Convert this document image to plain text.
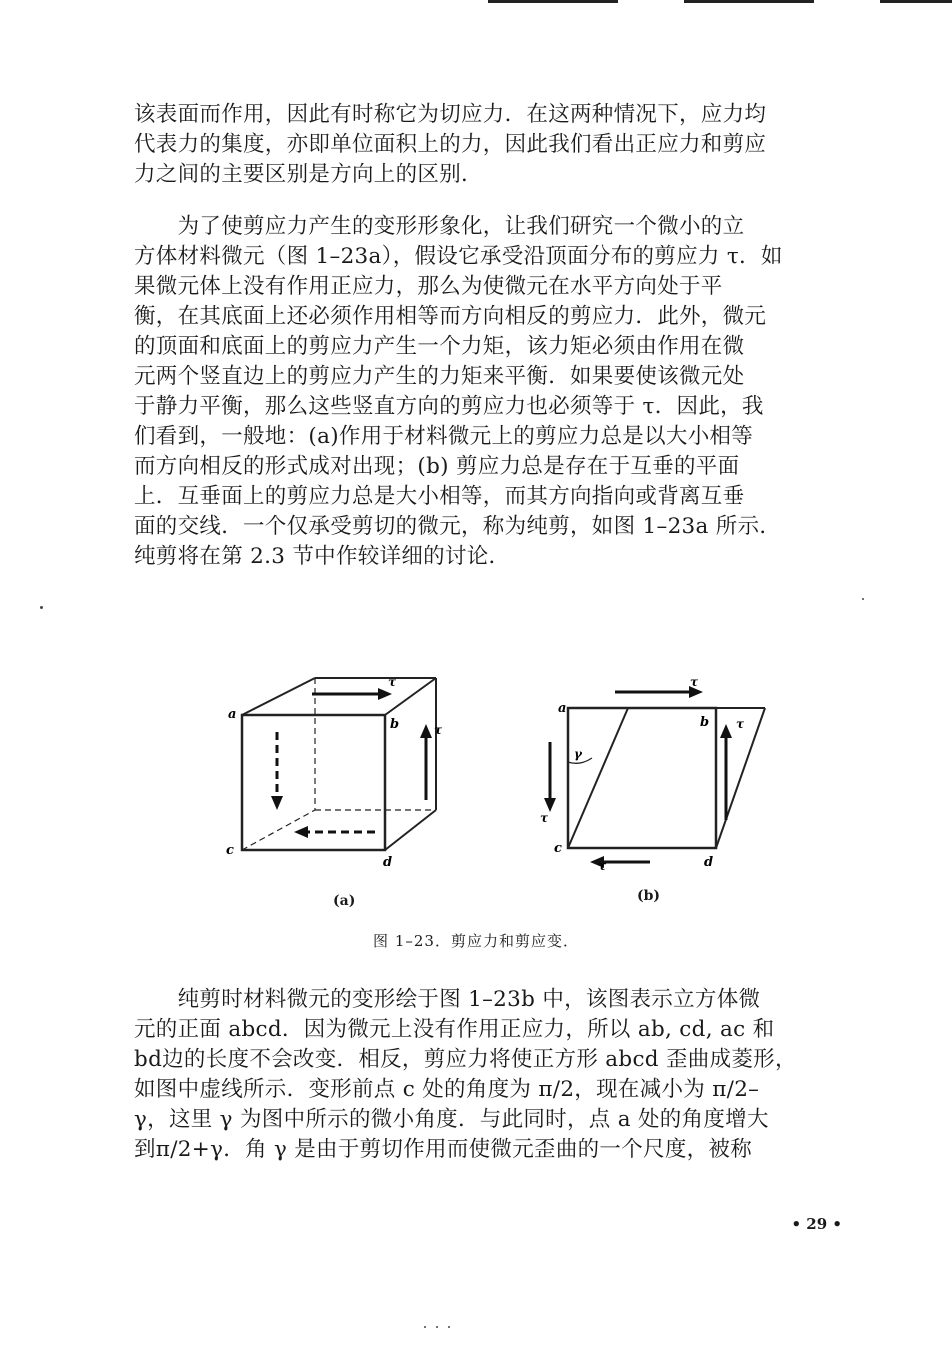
该表面而作用，因此有时称它为切应力．在这两种情况下，应力均
代表力的集度，亦即单位面积上的力，因此我们看出正应力和剪应
力之间的主要区别是方向上的区别．
　　为了使剪应力产生的变形形象化，让我们研究一个微小的立
方体材料微元（图 1–23a），假设它承受沿顶面分布的剪应力 τ．如
果微元体上没有作用正应力，那么为使微元在水平方向处于平
衡，在其底面上还必须作用相等而方向相反的剪应力．此外，微元
的顶面和底面上的剪应力产生一个力矩，该力矩必须由作用在微
元两个竖直边上的剪应力产生的力矩来平衡．如果要使该微元处
于静力平衡，那么这些竖直方向的剪应力也必须等于 τ．因此，我
们看到，一般地：(a)作用于材料微元上的剪应力总是以大小相等
而方向相反的形式成对出现；(b) 剪应力总是存在于互垂的平面
上．互垂面上的剪应力总是大小相等，而其方向指向或背离互垂
面的交线．一个仅承受剪切的微元，称为纯剪，如图 1–23a 所示．
纯剪将在第 2.3 节中作较详细的讨论．
τ
τ
a
b
c
d
τ
τ
τ
τ
γ
a
b
c
d
(a)	(b)
图 1–23．剪应力和剪应变．
　　纯剪时材料微元的变形绘于图 1–23b 中，该图表示立方体微
元的正面 abcd．因为微元上没有作用正应力，所以 ab, cd, ac 和
bd边的长度不会改变．相反，剪应力将使正方形 abcd 歪曲成菱形，
如图中虚线所示．变形前点 c 处的角度为 π/2，现在减小为 π/2–
γ，这里 γ 为图中所示的微小角度．与此同时，点 a 处的角度增大
到π/2+γ．角 γ 是由于剪切作用而使微元歪曲的一个尺度，被称
• 29 •
